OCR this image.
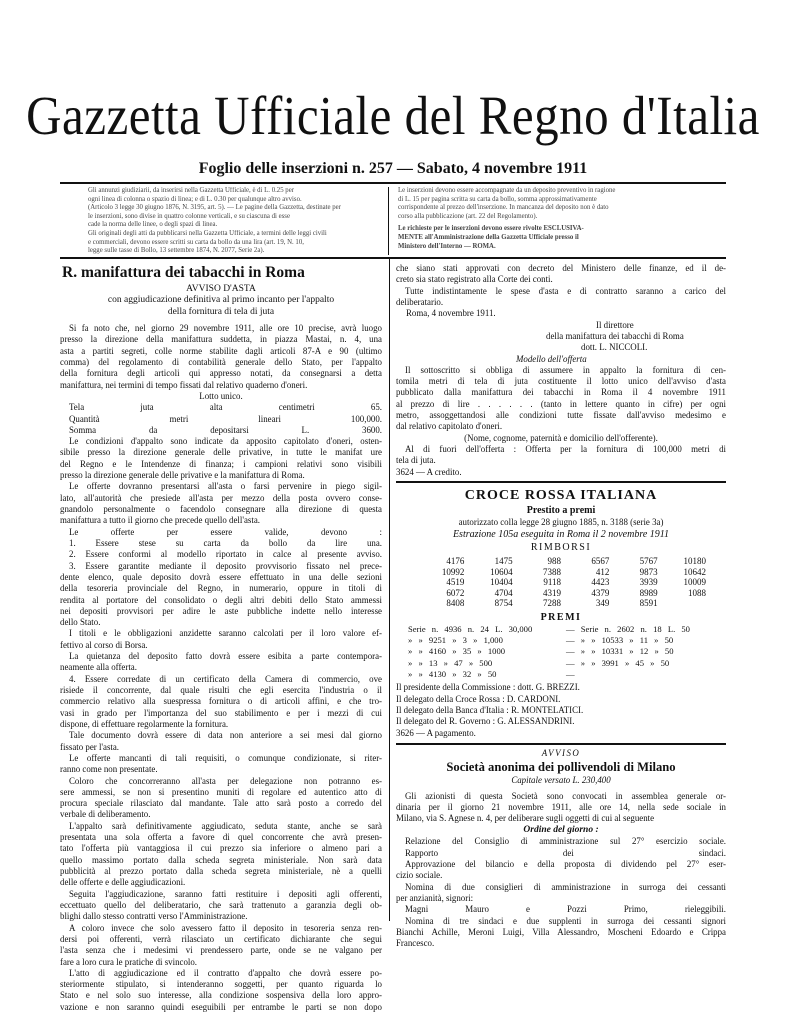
Gazzetta Ufficiale del Regno d'Italia
Foglio delle inserzioni n. 257 — Sabato, 4 novembre 1911
Gli annunzi giudiziarii, da inserirsi nella Gazzetta Ufficiale, è di L. 0.25 per
ogni linea di colonna o spazio di linea; e di L. 0.30 per qualunque altro avviso.
(Articolo 3 legge 30 giugno 1876, N. 3195, art. 5). — Le pagine della Gazzetta, destinate per
le inserzioni, sono divise in quattro colonne verticali, e su ciascuna di esse
cade la norma delle linee, o degli spazi di linea.
Gli originali degli atti da pubblicarsi nella Gazzetta Ufficiale, a termini delle leggi civili
e commerciali, devono essere scritti su carta da bollo da una lira (art. 19, N. 10,
legge sulle tasse di Bollo, 13 settembre 1874, N. 2077, Serie 2a).
Le inserzioni devono essere accompagnate da un deposito preventivo in ragione
di L. 15 per pagina scritta su carta da bollo, somma approssimativamente
corrispondente al prezzo dell'inserzione. In mancanza del deposito non è dato
corso alla pubblicazione (art. 22 del Regolamento).
Le richieste per le inserzioni devono essere rivolte ESCLUSIVA-
MENTE all'Amministrazione della Gazzetta Ufficiale presso il
Ministero dell'Interno — ROMA.
R. manifattura dei tabacchi in Roma
AVVISO D'ASTA
con aggiudicazione definitiva al primo incanto per l'appalto
della fornitura di tela di juta
Si fa noto che, nel giorno 29 novembre 1911, alle ore 10 precise, avrà luogo
presso la direzione della manifattura suddetta, in piazza Mastai, n. 4, una
asta a partiti segreti, colle norme stabilite dagli articoli 87-A e 90 (ultimo
comma) del regolamento di contabilità generale dello Stato, per l'appalto
della fornitura degli articoli qui appresso notati, da consegnarsi a detta
manifattura, nei termini di tempo fissati dal relativo quaderno d'oneri.
Lotto unico.
Tela juta alta centimetri 65.
Quantità metri lineari 100,000.
Somma da depositarsi L. 3600.
Le condizioni d'appalto sono indicate da apposito capitolato d'oneri, osten-
sibile presso la direzione generale delle privative, in tutte le manifat ure
del Regno e le Intendenze di finanza; i campioni relativi sono visibili
presso la direzione generale delle privative e la manifattura di Roma.
Le offerte dovranno presentarsi all'asta o farsi pervenire in piego sigil-
lato, all'autorità che presiede all'asta per mezzo della posta ovvero conse-
gnandolo personalmente o facendolo consegnare alla direzione di questa
manifattura a tutto il giorno che precede quello dell'asta.
Le offerte per essere valide, devono :
1. Essere stese su carta da bollo da lire una.
2. Essere conformi al modello riportato in calce al presente avviso.
3. Essere garantite mediante il deposito provvisorio fissato nel prece-
dente elenco, quale deposito dovrà essere effettuato in una delle sezioni
della tesoreria provinciale del Regno, in numerario, oppure in titoli di
rendita al portatore del consolidato o degli altri debiti dello Stato ammessi
nei depositi provvisori per adire le aste pubbliche indette nello interesse
dello Stato.
I titoli e le obbligazioni anzidette saranno calcolati per il loro valore ef-
fettivo al corso di Borsa.
La quietanza del deposito fatto dovrà essere esibita a parte contempora-
neamente alla offerta.
4. Essere corredate di un certificato della Camera di commercio, ove
risiede il concorrente, dal quale risulti che egli esercita l'industria o il
commercio relativo alla suespressa fornitura o di articoli affini, e che tro-
vasi in grado per l'importanza del suo stabilimento e per i mezzi di cui
dispone, di effettuare regolarmente la fornitura.
Tale documento dovrà essere di data non anteriore a sei mesi dal giorno
fissato per l'asta.
Le offerte mancanti di tali requisiti, o comunque condizionate, si riter-
ranno come non presentate.
Coloro che concorreranno all'asta per delegazione non potranno es-
sere ammessi, se non si presentino muniti di regolare ed autentico atto di
procura speciale rilasciato dal mandante. Tale atto sarà posto a corredo del
verbale di deliberamento.
L'appalto sarà definitivamente aggiudicato, seduta stante, anche se sarà
presentata una sola offerta a favore di quel concorrente che avrà presen-
tato l'offerta più vantaggiosa il cui prezzo sia inferiore o almeno pari a
quello massimo portato dalla scheda segreta ministeriale. Non sarà data
pubblicità al prezzo portato dalla scheda segreta ministeriale, nè a quelli
delle offerte e delle aggiudicazioni.
Seguita l'aggiudicazione, saranno fatti restituire i depositi agli offerenti,
eccettuato quello del deliberatario, che sarà trattenuto a garanzia degli ob-
blighi dallo stesso contratti verso l'Amministrazione.
A coloro invece che solo avessero fatto il deposito in tesoreria senza ren-
dersi poi offerenti, verrà rilasciato un certificato dichiarante che segui
l'asta senza che i medesimi vi prendessero parte, onde se ne valgano per
fare a loro cura le pratiche di svincolo.
L'atto di aggiudicazione ed il contratto d'appalto che dovrà essere po-
steriormente stipulato, si intenderanno soggetti, per quanto riguarda lo
Stato e nel solo suo interesse, alla condizione sospensiva della loro appro-
vazione e non saranno quindi eseguibili per entrambe le parti se non dopo
che siano stati approvati con decreto del Ministero delle finanze, ed il de-
creto sia stato registrato alla Corte dei conti.
Tutte indistintamente le spese d'asta e di contratto saranno a carico del
deliberatario.
Roma, 4 novembre 1911.
Il direttore
della manifattura dei tabacchi di Roma
dott. L. NICCOLI.
Modello dell'offerta
Il sottoscritto si obbliga di assumere in appalto la fornitura di cen-
tomila metri di tela di juta costituente il lotto unico dell'avviso d'asta
pubblicato dalla manifattura dei tabacchi in Roma il 4 novembre 1911
al prezzo di lire . . . . . . (tanto in lettere quanto in cifre) per ogni
metro, assoggettandosi alle condizioni tutte fissate dall'avviso medesimo e
dal relativo capitolato d'oneri.
(Nome, cognome, paternità e domicilio dell'offerente).
Al di fuori dell'offerta : Offerta per la fornitura di 100,000 metri di
tela di juta.
3624 — A credito.
CROCE ROSSA ITALIANA
Prestito a premi
autorizzato colla legge 28 giugno 1885, n. 3188 (serie 3a)
Estrazione 105a eseguita in Roma il 2 novembre 1911
RIMBORSI
4176	1475	988	6567	5767	10180
10992	10604	7388	412	9873	10642
4519	10404	9118	4423	3939	10009
6072	4704	4319	4379	8989	1088
8408	8754	7288	349	8591	
PREMI
Serie n. 4936 n. 24 L. 30,000	— Serie n. 2602 n. 18 L. 50
» » 9251 » 3 » 1,000	— » » 10533 » 11 » 50
» » 4160 » 35 » 1000	— » » 10331 » 12 » 50
» » 13 » 47 » 500	— » » 3991 » 45 » 50
» » 4130 » 32 » 50	—
Il presidente della Commissione : dott. G. BREZZI.
Il delegato della Croce Rossa : D. CARDONI.
Il delegato della Banca d'Italia : R. MONTELATICI.
Il delegato del R. Governo : G. ALESSANDRINI.
3626 — A pagamento.
AVVISO
Società anonima dei pollivendoli di Milano
Capitale versato L. 230,400
Gli azionisti di questa Società sono convocati in assemblea generale or-
dinaria per il giorno 21 novembre 1911, alle ore 14, nella sede sociale in
Milano, via S. Agnese n. 4, per deliberare sugli oggetti di cui al seguente
Ordine del giorno :
Relazione del Consiglio di amministrazione sul 27° esercizio sociale.
Rapporto dei sindaci.
Approvazione del bilancio e della proposta di dividendo pel 27° eser-
cizio sociale.
Nomina di due consiglieri di amministrazione in surroga dei cessanti
per anzianità, signori:
Magni Mauro e Pozzi Primo, rieleggibili.
Nomina di tre sindaci e due supplenti in surroga dei cessanti signori
Bianchi Achille, Meroni Luigi, Villa Alessandro, Moscheni Edoardo e Crippa
Francesco.
